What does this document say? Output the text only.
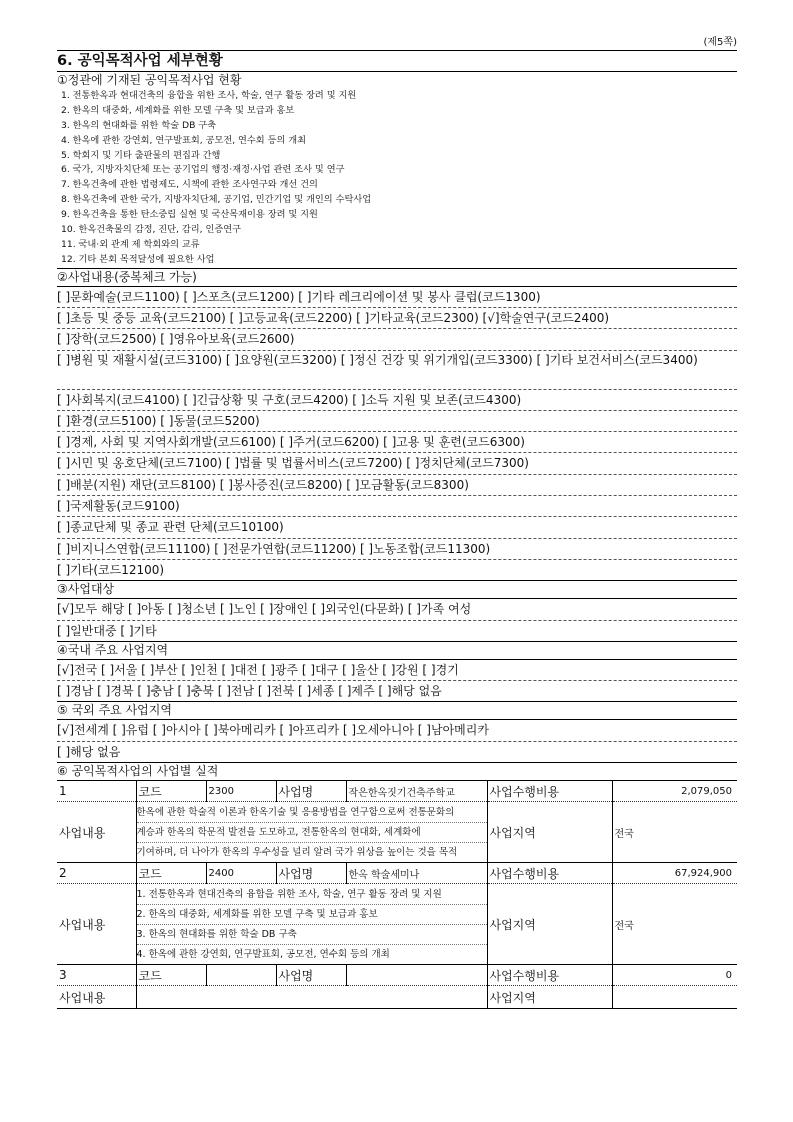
(제5쪽)
6. 공익목적사업 세부현황
①정관에 기재된 공익목적사업 현황
1. 전통한옥과 현대건축의 융합을 위한 조사, 학술, 연구 활동 장려 및 지원
2. 한옥의 대중화, 세계화를 위한 모델 구축 및 보급과 홍보
3. 한옥의 현대화를 위한 학술 DB 구축
4. 한옥에 관한 강연회, 연구발표회, 공모전, 연수회 등의 개최
5. 학회지 및 기타 출판물의 편집과 간행
6. 국가, 지방자치단체 또는 공기업의 행정·재정·사업 관련 조사 및 연구
7. 한옥건축에 관한 법령제도, 시책에 관한 조사연구와 개선 건의
8. 한옥건축에 관한 국가, 지방자치단체, 공기업, 민간기업 및 개인의 수탁사업
9. 한옥건축을 통한 탄소중립 실현 및 국산목재이용 장려 및 지원
10. 한옥건축물의 감정, 진단, 감리, 인증연구
11. 국내·외 관계 제 학회와의 교류
12. 기타 본회 목적달성에 필요한 사업
②사업내용(중복체크 가능)
[ ]문화예술(코드1100) [ ]스포츠(코드1200) [ ]기타 레크리에이션 및 봉사 클럽(코드1300)
[ ]초등 및 중등 교육(코드2100) [ ]고등교육(코드2200) [ ]기타교육(코드2300) [√]학술연구(코드2400)
[ ]장학(코드2500) [ ]영유아보육(코드2600)
[ ]병원 및 재활시설(코드3100) [ ]요양원(코드3200) [ ]정신 건강 및 위기개입(코드3300) [ ]기타 보건서비스(코드3400)
[ ]사회복지(코드4100) [ ]긴급상황 및 구호(코드4200) [ ]소득 지원 및 보존(코드4300)
[ ]환경(코드5100) [ ]동물(코드5200)
[ ]경제, 사회 및 지역사회개발(코드6100) [ ]주거(코드6200) [ ]고용 및 훈련(코드6300)
[ ]시민 및 옹호단체(코드7100) [ ]법률 및 법률서비스(코드7200) [ ]정치단체(코드7300)
[ ]배분(지원) 재단(코드8100) [ ]봉사증진(코드8200) [ ]모금활동(코드8300)
[ ]국제활동(코드9100)
[ ]종교단체 및 종교 관련 단체(코드10100)
[ ]비지니스연합(코드11100) [ ]전문가연합(코드11200) [ ]노동조합(코드11300)
[ ]기타(코드12100)
③사업대상
[√]모두 해당 [ ]아동 [ ]청소년 [ ]노인 [ ]장애인 [ ]외국인(다문화) [ ]가족 여성
[ ]일반대중 [ ]기타
④국내 주요 사업지역
[√]전국 [ ]서울 [ ]부산 [ ]인천 [ ]대전 [ ]광주 [ ]대구 [ ]울산 [ ]강원 [ ]경기
[ ]경남 [ ]경북 [ ]충남 [ ]충북 [ ]전남 [ ]전북 [ ]세종 [ ]제주 [ ]해당 없음
⑤ 국외 주요 사업지역
[√]전세계 [ ]유럽 [ ]아시아 [ ]북아메리카 [ ]아프리카 [ ]오세아니아 [ ]남아메리카
[ ]해당 없음
⑥ 공익목적사업의 사업별 실적
1	코드	2300	사업명	작은한옥짓기건축주학교	사업수행비용	2,079,050
사업내용	한옥에 관한 학술적 이론과 한옥기술 및 응용방법을 연구함으로써 전통문화의
계승과 한옥의 학문적 발전을 도모하고, 전통한옥의 현대화, 세계화에
기여하며, 더 나아가 한옥의 우수성을 널리 알려 국가 위상을 높이는 것을 목적				사업지역	전국
2	코드	2400	사업명	한옥 학술세미나	사업수행비용	67,924,900
사업내용	1. 전통한옥과 현대건축의 융합을 위한 조사, 학술, 연구 활동 장려 및 지원
2. 한옥의 대중화, 세계화를 위한 모델 구축 및 보급과 홍보
3. 한옥의 현대화를 위한 학술 DB 구축
4. 한옥에 관한 강연회, 연구발표회, 공모전, 연수회 등의 개최				사업지역	전국
3	코드		사업명		사업수행비용	0
사업내용					사업지역	
